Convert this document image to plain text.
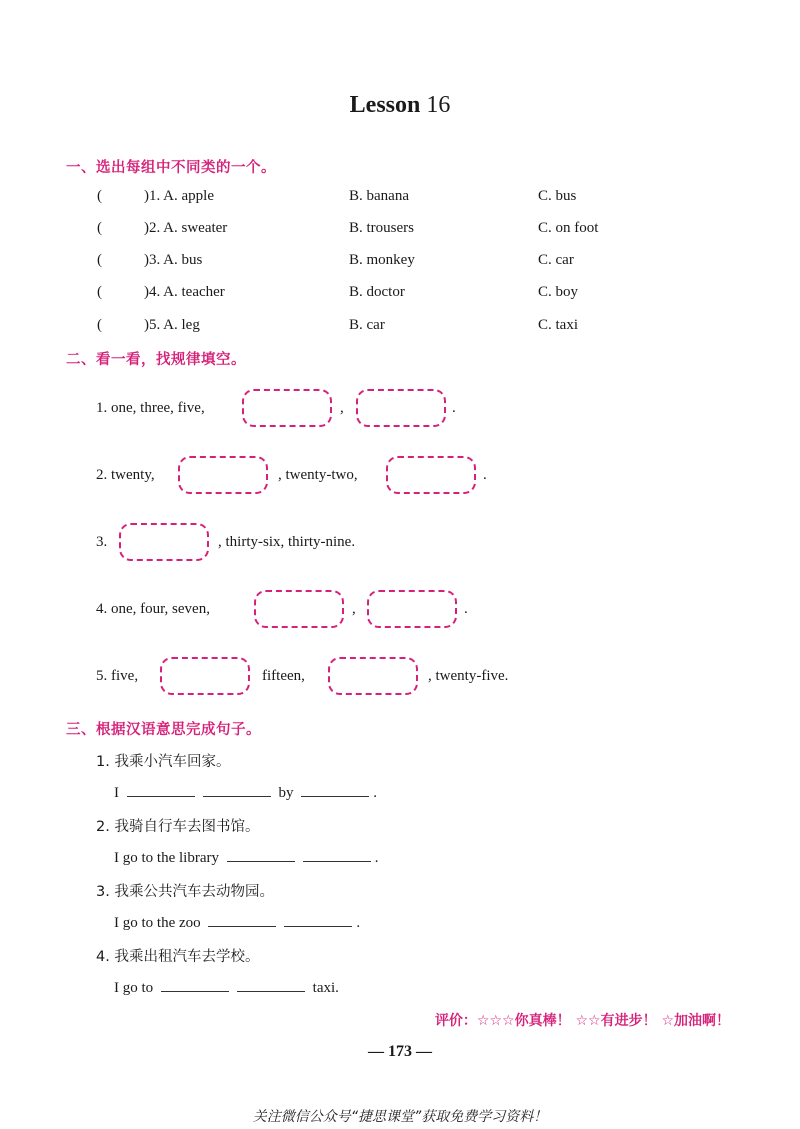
Lesson 16
一、选出每组中不同类的一个。
(	)1. A. apple	B. banana	C. bus
(	)2. A. sweater	B. trousers	C. on foot
(	)3. A. bus	B. monkey	C. car
(	)4. A. teacher	B. doctor	C. boy
(	)5. A. leg	B. car	C. taxi
二、看一看，找规律填空。
1. one, three, five,	,	.
2. twenty,	, twenty-two,	.
3.	, thirty-six, thirty-nine.
4. one, four, seven,	,	.
5. five,	fifteen,	, twenty-five.
三、根据汉语意思完成句子。
1. 我乘小汽车回家。
I	by	.
2. 我骑自行车去图书馆。
I go to the library	.
3. 我乘公共汽车去动物园。
I go to the zoo	.
4. 我乘出租汽车去学校。
I go to	taxi.
评价：☆☆☆你真棒！ ☆☆有进步！ ☆加油啊！
— 173 —
关注微信公众号“捷思课堂”获取免费学习资料！
